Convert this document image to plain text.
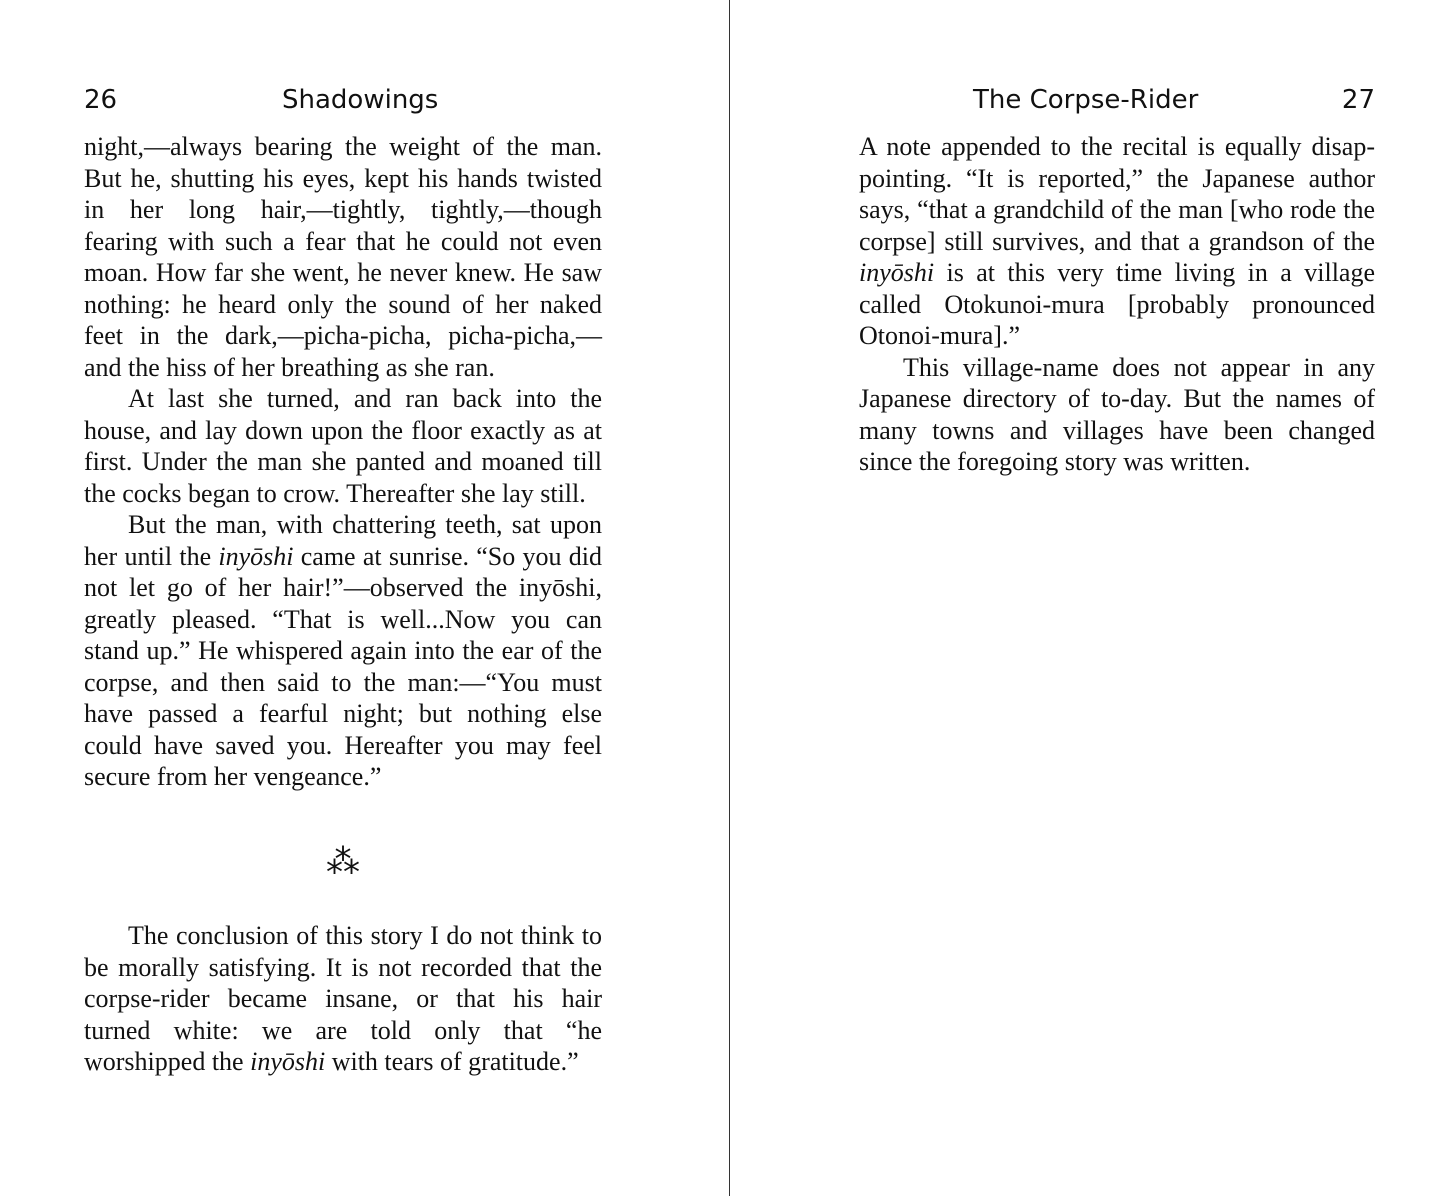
26	Shadowings

night,—always bearing the weight of the man. But he, shutting his eyes, kept his hands twisted in her long hair,—tightly, tightly,—though fearing with such a fear that he could not even moan. How far she went, he never knew. He saw nothing: he heard only the sound of her naked feet in the dark,—picha-picha, picha-picha,— and the hiss of her breathing as she ran.

At last she turned, and ran back into the house, and lay down upon the floor exactly as at first. Under the man she panted and moaned till the cocks began to crow. Thereafter she lay still.

But the man, with chattering teeth, sat upon her until the inyōshi came at sunrise. “So you did not let go of her hair!”—observed the inyōshi, greatly pleased. “That is well...Now you can stand up.” He whispered again into the ear of the corpse, and then said to the man:—“You must have passed a fearful night; but nothing else could have saved you. Hereafter you may feel secure from her vengeance.”

⁂

The conclusion of this story I do not think to be morally satisfying. It is not recorded that the corpse-rider became insane, or that his hair turned white: we are told only that “he worshipped the inyōshi with tears of gratitude.”

The Corpse-Rider	27

A note appended to the recital is equally disappointing. “It is reported,” the Japanese author says, “that a grandchild of the man [who rode the corpse] still survives, and that a grandson of the inyōshi is at this very time living in a village called Otokunoi-mura [probably pronounced Otonoi-mura].”

This village-name does not appear in any Japanese directory of to-day. But the names of many towns and villages have been changed since the foregoing story was written.
